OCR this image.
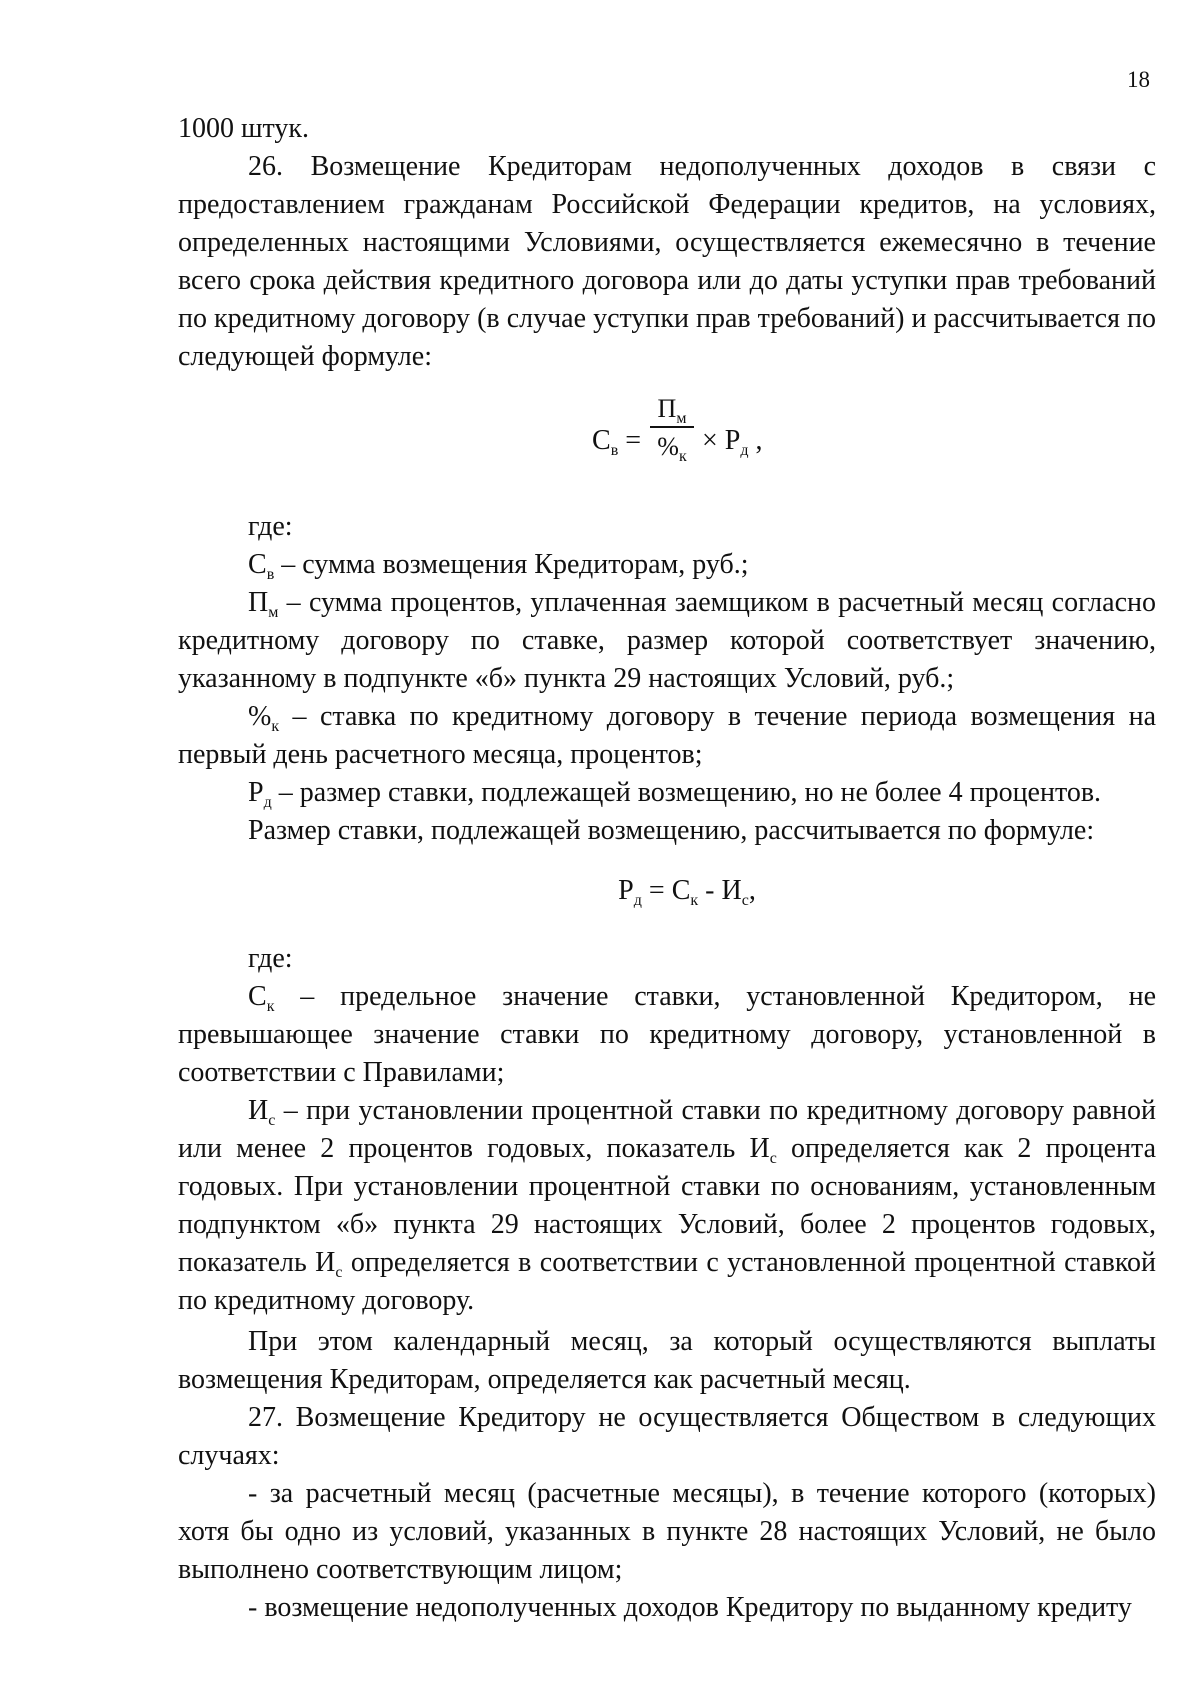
18

1000 штук.

26. Возмещение Кредиторам недополученных доходов в связи с предоставлением гражданам Российской Федерации кредитов, на условиях, определенных настоящими Условиями, осуществляется ежемесячно в течение всего срока действия кредитного договора или до даты уступки прав требований по кредитному договору (в случае уступки прав требований) и рассчитывается по следующей формуле:

$С_в$ =
$П_м$
$\%_к$
× $Р_д$ ,

где:

$С_в$ – сумма возмещения Кредиторам, руб.;

$П_м$ – сумма процентов, уплаченная заемщиком в расчетный месяц согласно кредитному договору по ставке, размер которой соответствует значению, указанному в подпункте «б» пункта 29 настоящих Условий, руб.;

$\%_к$ – ставка по кредитному договору в течение периода возмещения на первый день расчетного месяца, процентов;

$Р_д$ – размер ставки, подлежащей возмещению, но не более 4 процентов.

Размер ставки, подлежащей возмещению, рассчитывается по формуле:

$Р_д = С_к - И_с$,

где:

$С_к$ – предельное значение ставки, установленной Кредитором, не превышающее значение ставки по кредитному договору, установленной в соответствии с Правилами;

$И_с$ – при установлении процентной ставки по кредитному договору равной или менее 2 процентов годовых, показатель $И_с$ определяется как 2 процента годовых. При установлении процентной ставки по основаниям, установленным подпунктом «б» пункта 29 настоящих Условий, более 2 процентов годовых, показатель $И_с$ определяется в соответствии с установленной процентной ставкой по кредитному договору.

При этом календарный месяц, за который осуществляются выплаты возмещения Кредиторам, определяется как расчетный месяц.

27. Возмещение Кредитору не осуществляется Обществом в следующих случаях:

- за расчетный месяц (расчетные месяцы), в течение которого (которых) хотя бы одно из условий, указанных в пункте 28 настоящих Условий, не было выполнено соответствующим лицом;

- возмещение недополученных доходов Кредитору по выданному кредиту
